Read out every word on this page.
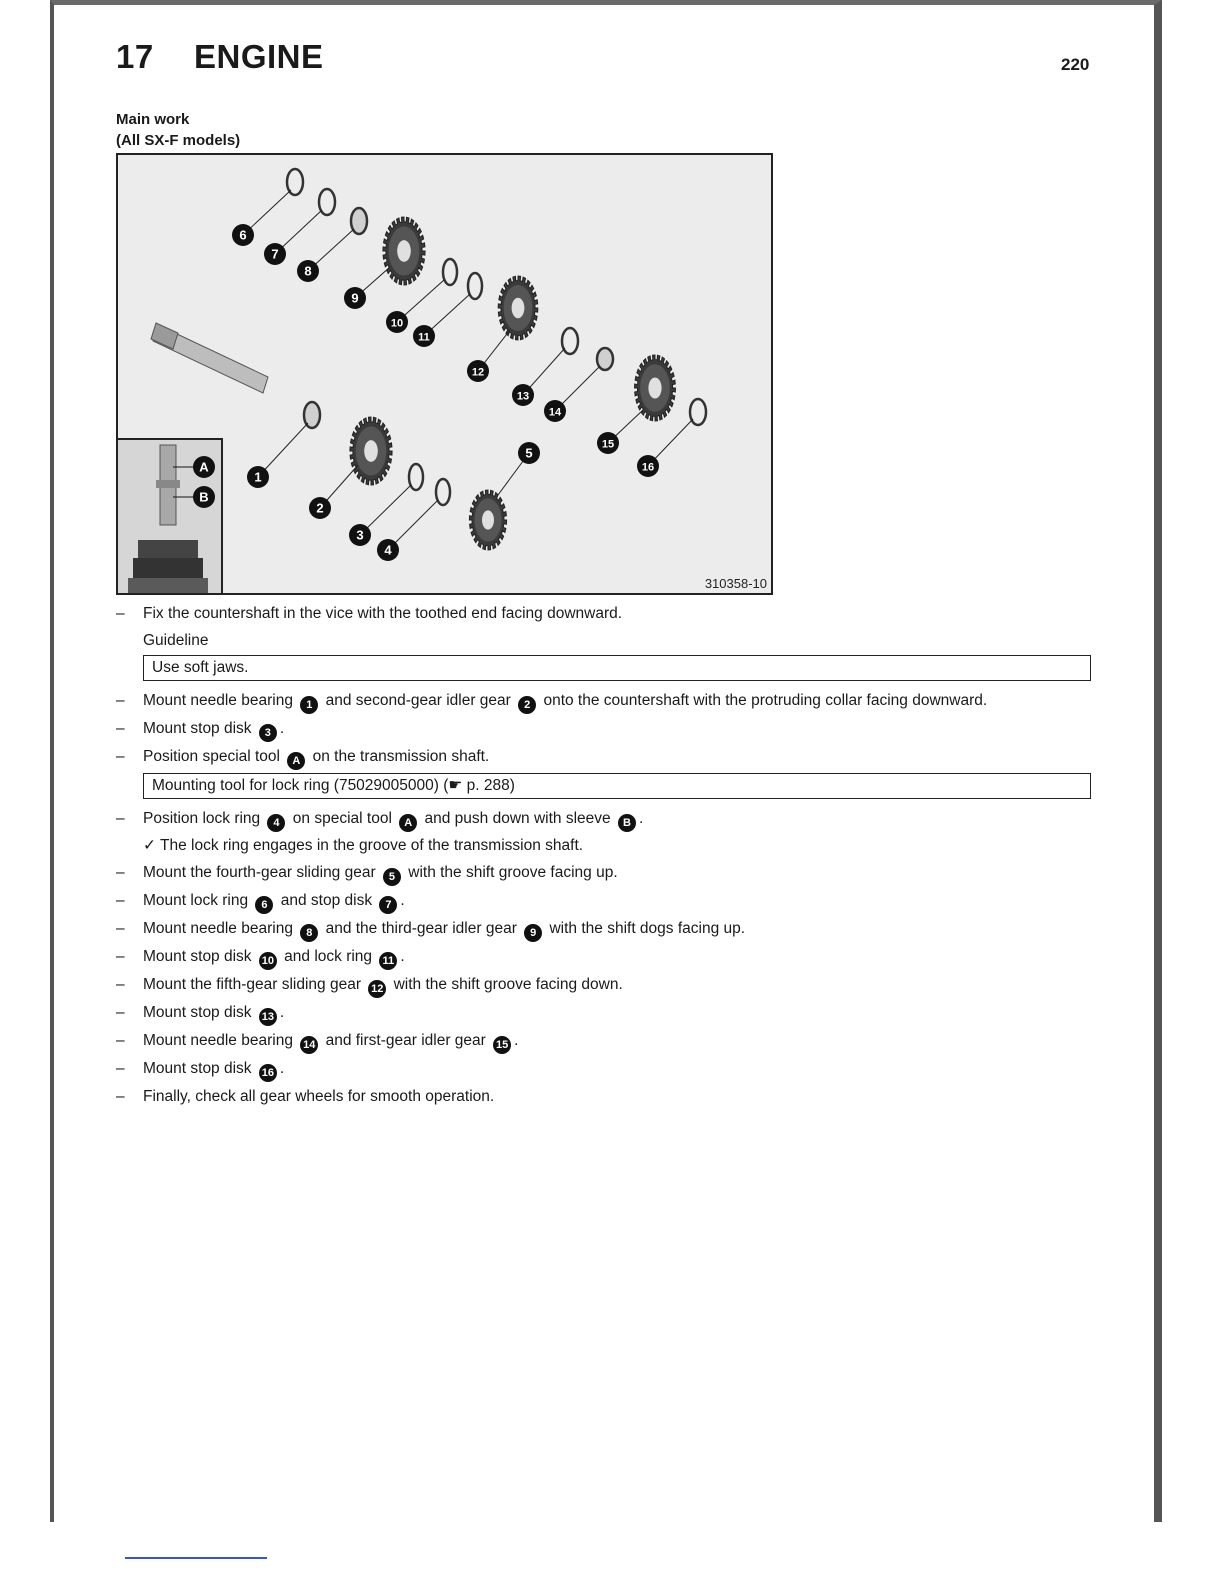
17 ENGINE	220
Main work
(All SX-F models)
1
2
3
4
5
6
7
8
9
10
11
12
13
14
15
16
A
B
310358-10
– Fix the countershaft in the vice with the toothed end facing downward.
Guideline
Use soft jaws.
– Mount needle bearing 1 and second-gear idler gear 2 onto the countershaft with the protruding collar facing downward.
– Mount stop disk 3 .
– Position special tool A on the transmission shaft.
Mounting tool for lock ring (75029005000) (☛ p. 288)
– Position lock ring 4 on special tool A and push down with sleeve B .
✓ The lock ring engages in the groove of the transmission shaft.
– Mount the fourth-gear sliding gear 5 with the shift groove facing up.
– Mount lock ring 6 and stop disk 7 .
– Mount needle bearing 8 and the third-gear idler gear 9 with the shift dogs facing up.
– Mount stop disk 10 and lock ring 11 .
– Mount the fifth-gear sliding gear 12 with the shift groove facing down.
– Mount stop disk 13 .
– Mount needle bearing 14 and first-gear idler gear 15 .
– Mount stop disk 16 .
– Finally, check all gear wheels for smooth operation.
